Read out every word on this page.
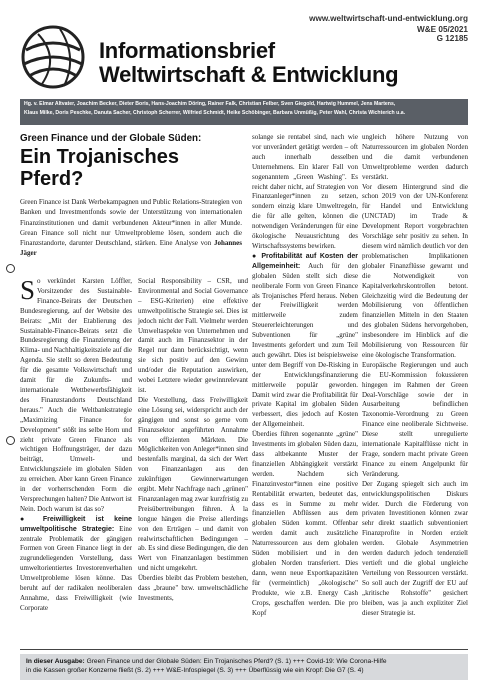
www.weltwirtschaft-und-entwicklung.org
W&E 05/2021
G 12185
Informationsbrief
Weltwirtschaft & Entwicklung
Hg. v. Elmar Altvater, Joachim Becker, Dieter Boris, Hans-Joachim Döring, Rainer Falk, Christian Felber, Sven Giegold, Hartwig Hummel, Jens Martens,
Klaus Milke, Doris Peschke, Danuta Sacher, Christoph Scherrer, Wilfried Schmidt, Heike Schöbinger, Barbara Unmüßig, Peter Wahl, Christa Wichterich u.a.
Green Finance und der Globale Süden:
Ein Trojanisches
Pferd?
Green Finance ist Dank Werbekampagnen und Public Relations-Strategien von Banken und Investmentfonds sowie der Unterstützung von internationalen Finanzinstitutionen und damit verbundenen Akteur*innen in aller Munde. Grean Finance soll nicht nur Umweltprobleme lösen, sondern auch die Finanzstandorte, darunter Deutschland, stärken. Eine Analyse von Johannes Jäger

So verkündet Karsten Löffler, Vorsitzender des Sustainable-Finance-Beirats der Deutschen Bundesregierung, auf der Website des Beirats: „Mit der Etablierung des Sustainable-Finance-Beirats setzt die Bundesregierung die Finanzierung der Klima- und Nachhaltigkeitsziele auf die Agenda. Sie stellt so deren Bedeutung für die gesamte Volkswirtschaft und damit für die Zukunfts- und internationale Wettbewerbsfähigkeit des Finanzstandorts Deutschland heraus." Auch die Weltbankstrategie „Maximizing Finance for Development" stößt ins selbe Horn und zieht private Green Finance als wichtigen Hoffnungsträger, der dazu beiträgt, Umwelt- und Entwicklungsziele im globalen Süden zu erreichen. Aber kann Green Finance in der vorherrschenden Form die Versprechungen halten? Die Antwort ist Nein. Doch warum ist das so?

● Freiwilligkeit ist keine umweltpolitische Strategie: Eine zentrale Problematik der gängigen Formen von Green Finance liegt in der zugrundeliegenden Vorstellung, dass umweltorientiertes Investorenverhalten Umweltprobleme lösen könne. Das beruht auf der radikalen neoliberalen Annahme, dass Freiwilligkeit (wie Corporate

Social Responsibility – CSR, und Environmental and Social Governance – ESG-Kriterien) eine effektive umweltpolitische Strategie sei. Dies ist jedoch nicht der Fall. Vielmehr werden Umweltaspekte von Unternehmen und damit auch im Finanzsektor in der Regel nur dann berücksichtigt, wenn sie sich positiv auf den Gewinn und/oder die Reputation auswirken, wobei Letztere wieder gewinnrelevant ist.

Die Vorstellung, dass Freiwilligkeit eine Lösung sei, widerspricht auch der gängigen und sonst so gerne vom Finanzsektor angeführten Annahme von effizienten Märkten. Die Möglichkeiten von Anleger*innen sind bestenfalls marginal, da sich der Wert von Finanzanlagen aus den zukünftigen Gewinnerwartungen ergibt. Mehr Nachfrage nach „grünen" Finanzanlagen mag zwar kurzfristig zu Preisübertreibungen führen. À la longue hängen die Preise allerdings von den Erträgen – und damit von realwirtschaftlichen Bedingungen – ab. Es sind diese Bedingungen, die den Wert von Finanzanlagen bestimmen und nicht umgekehrt.

Überdies bleibt das Problem bestehen, dass „braune" bzw. umweltschädliche Investments,

solange sie rentabel sind, nach wie vor unverändert getätigt werden – oft auch innerhalb desselben Unternehmens. Ein klarer Fall von sogenanntem „Green Washing". Es reicht daher nicht, auf Strategien von Finanzanleger*innen zu setzen, sondern einzig klare Umweltregeln, die für alle gelten, können die notwendigen Veränderungen für eine ökologische Neuausrichtung des Wirtschaftssystems bewirken.

● Profitabilität auf Kosten der Allgemeinheit: Auch für den globalen Süden stellt sich diese neoliberale Form von Green Finance als Trojanisches Pferd heraus. Neben der Freiwilligkeit werden mittlerweile zudem Steuererleichterungen und Subventionen für „grüne" Investments gefordert und zum Teil auch gewährt. Dies ist beispielsweise unter dem Begriff von De-Risking in der Entwicklungsfinanzierung mittlerweile populär geworden. Damit wird zwar die Profitabilität für private Kapital im globalen Süden verbessert, dies jedoch auf Kosten der Allgemeinheit.

Überdies führen sogenannte „grüne" Investments im globalen Süden dazu, dass altbekannte Muster der finanziellen Abhängigkeit verstärkt werden. Nachdem sich Finanzinvestor*innen eine positive Rentabilität erwarten, bedeutet das, dass es in Summe zu mehr finanziellen Abflüssen aus dem globalen Süden kommt. Offenbar werden damit auch zusätzliche Naturressourcen aus dem globalen Süden mobilisiert und in den globalen Norden transferiert. Dies dann, wenn neue Exportkapazitäten für (vermeintlich) „ökologische" Produkte, wie z.B. Energy Cash Crops, geschaffen werden. Die pro Kopf

ungleich höhere Nutzung von Naturressourcen im globalen Norden und die damit verbundenen Umweltprobleme werden dadurch verstärkt.

Vor diesem Hintergrund sind die schon 2019 von der UN-Konferenz für Handel und Entwicklung (UNCTAD) im Trade & Development Report vorgebrachten Vorschläge sehr positiv zu sehen. In diesem wird nämlich deutlich vor den problematischen Implikationen globaler Finanzflüsse gewarnt und die Notwendigkeit von Kapitalverkehrskontrollen betont. Gleichzeitig wird die Bedeutung der Mobilisierung von öffentlichen finanziellen Mitteln in den Staaten des globalen Südens hervorgehoben, insbesondere im Hinblick auf die Mobilisierung von Ressourcen für eine ökologische Transformation.

Europäische Regierungen und auch die EU-Kommission fokussieren hingegen im Rahmen der Green Deal-Vorschläge sowie der in Ausarbeitung befindlichen Taxonomie-Verordnung zu Green Finance eine neoliberale Sichtweise. Diese stellt unregulierte internationale Kapitalflüsse nicht in Frage, sondern macht private Green Finance zu einem Angelpunkt für Veränderung.

Der Zugang spiegelt sich auch im entwicklungspolitischen Diskurs wider. Durch die Förderung von privaten Investitionen können zwar sehr direkt staatlich subventioniert Finanzprofite in Norden erzielt werden. Globale Asymmetrien werden dadurch jedoch tendenziell vertieft und die global ungleiche Verteilung von Ressourcen verstärkt. So soll auch der Zugriff der EU auf „kritische Rohstoffe" gesichert bleiben, was ja auch expliziter Ziel dieser Strategie ist.

In dieser Ausgabe: Green Finance und der Globale Süden: Ein Trojanisches Pferd? (S. 1) +++ Covid-19: Wie Corona-Hilfe
in die Kassen großer Konzerne fließt (S. 2) +++ W&E-Infospiegel (S. 3) +++ Überflüssig wie ein Kropf: Die G7 (S. 4)
